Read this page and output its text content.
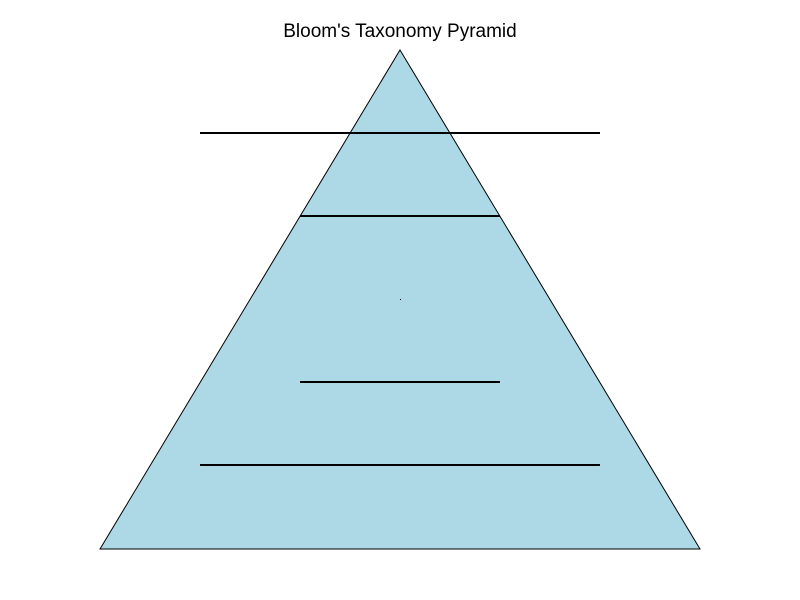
Bloom's Taxonomy Pyramid
